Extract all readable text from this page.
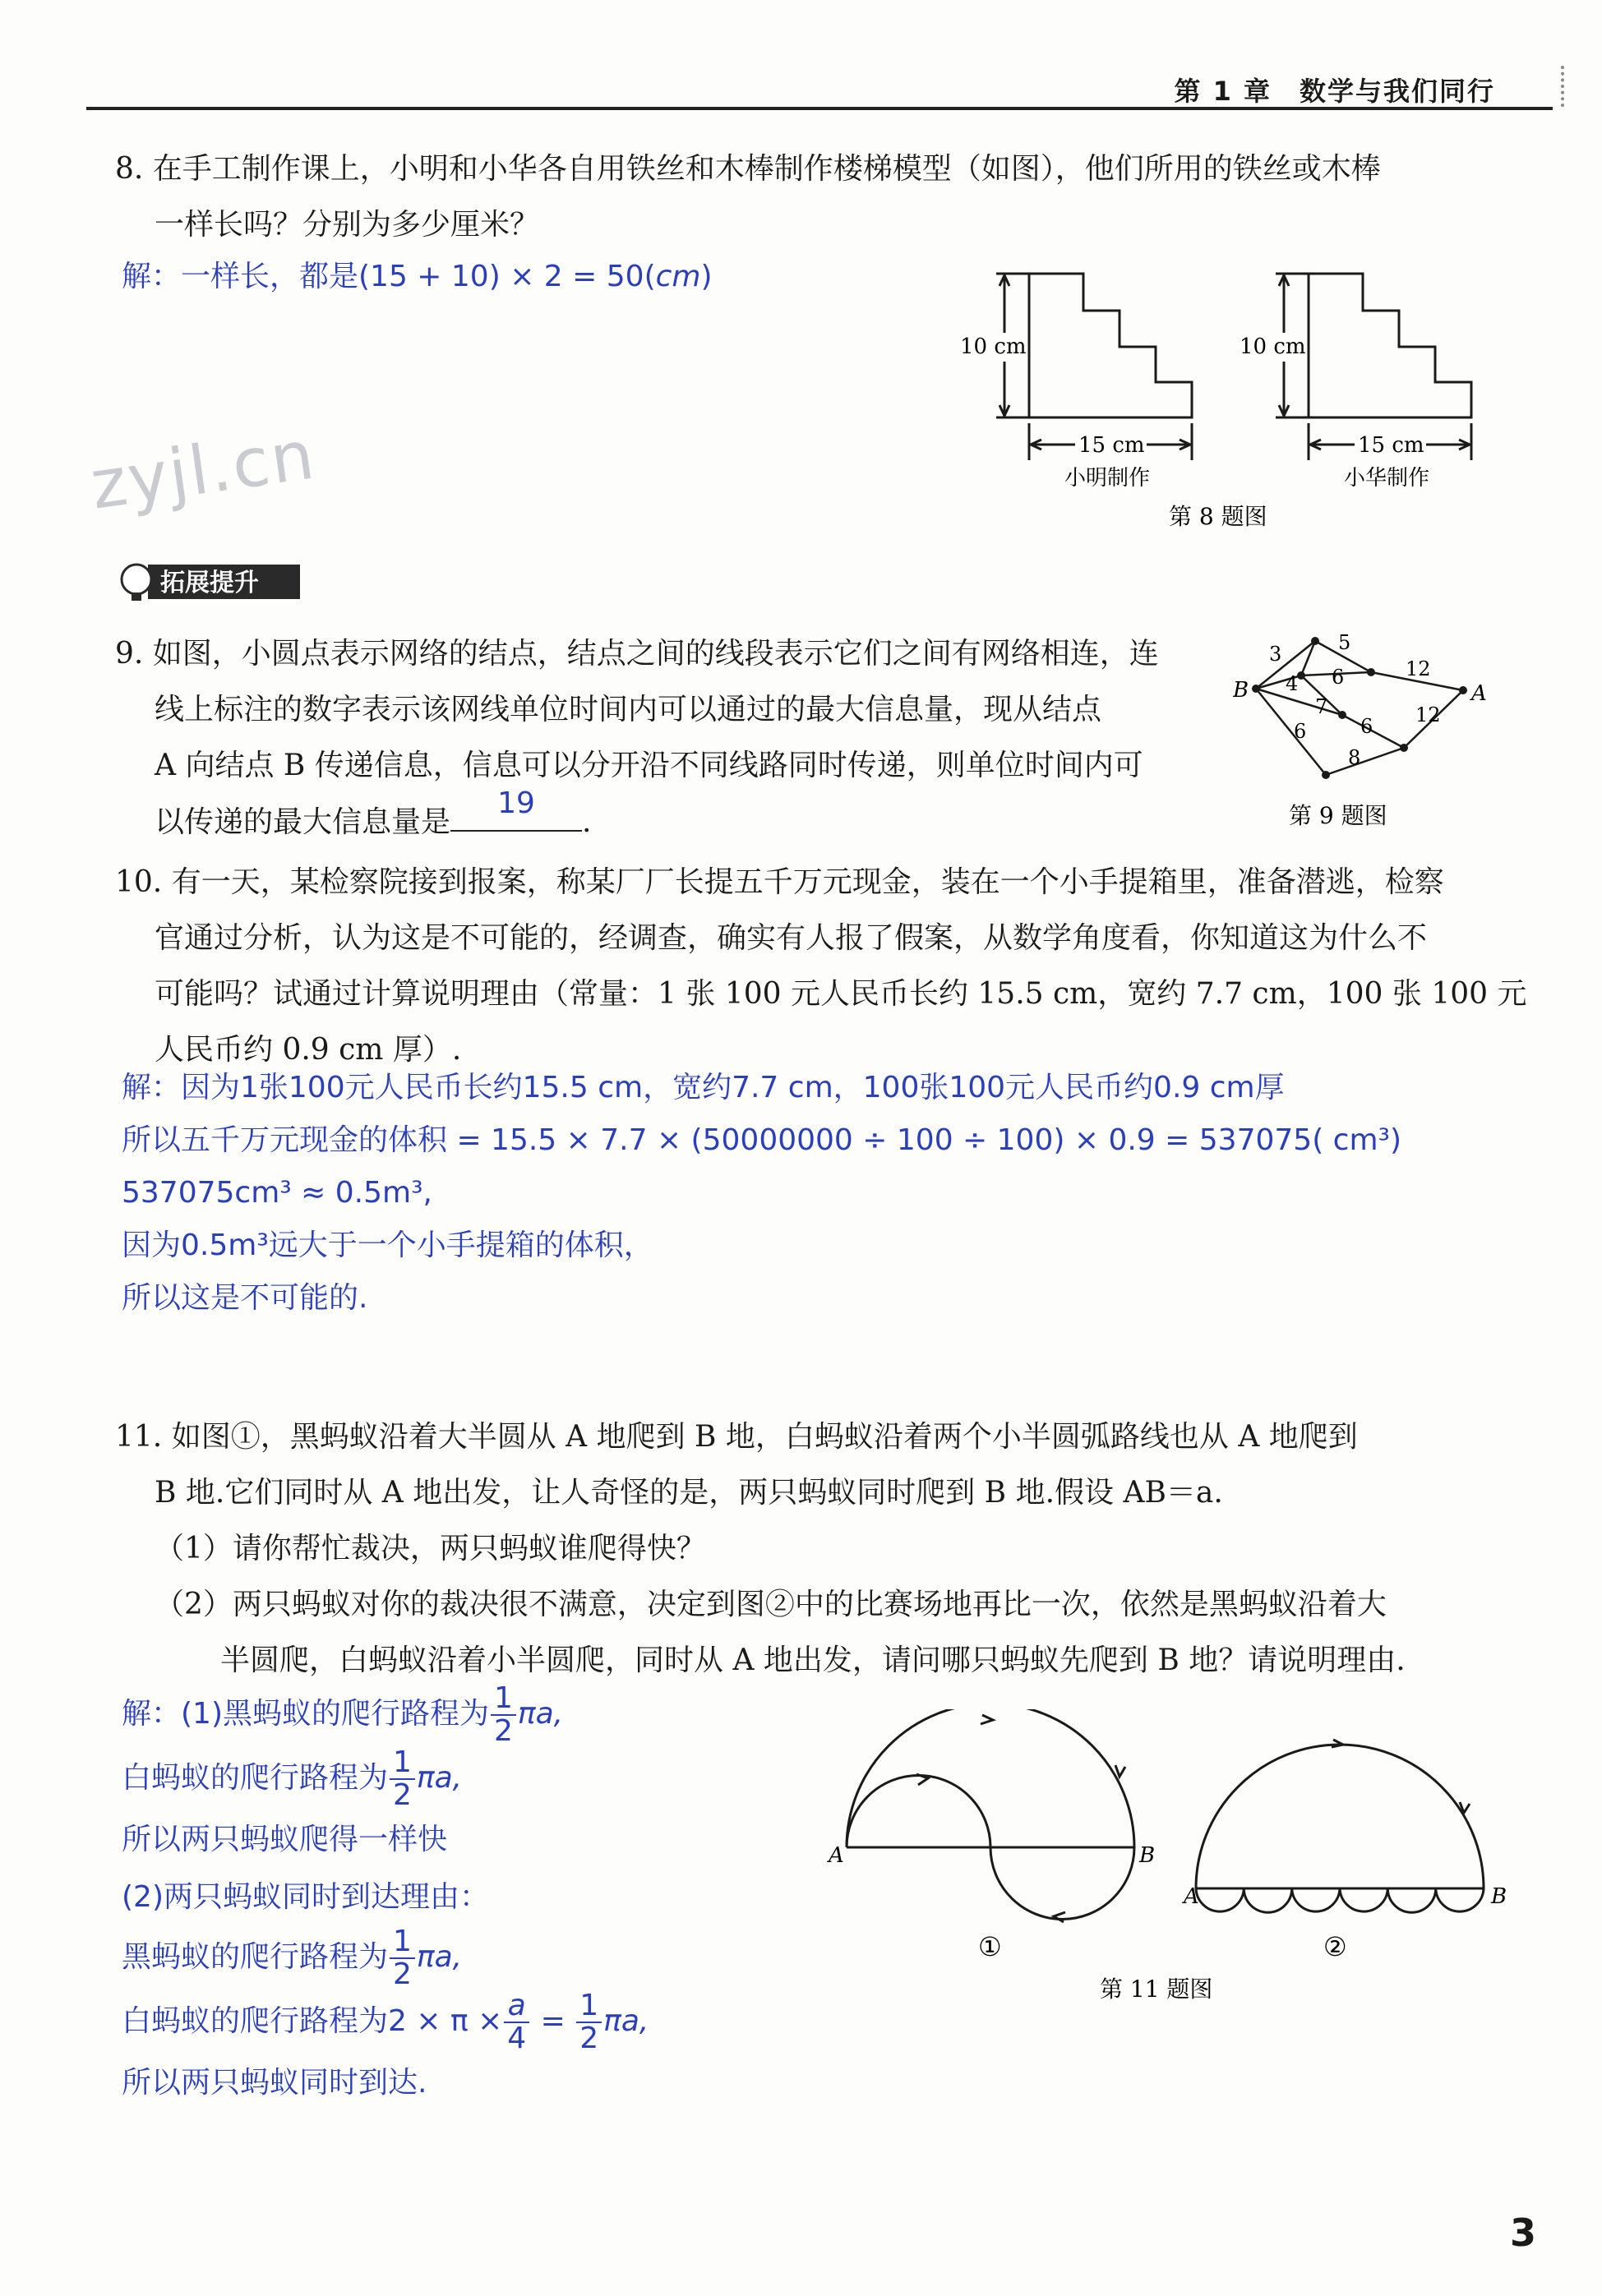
第 1 章　数学与我们同行
zyjl.cn
8. 在手工制作课上，小明和小华各自用铁丝和木棒制作楼梯模型（如图），他们所用的铁丝或木棒
一样长吗？分别为多少厘米？
解：一样长，都是(15 + 10) × 2 = 50(cm)
10 cm	10 cm
15 cm	15 cm
小明制作	小华制作
第 8 题图
拓展提升
9. 如图，小圆点表示网络的结点，结点之间的线段表示它们之间有网络相连，连
线上标注的数字表示该网线单位时间内可以通过的最大信息量，现从结点
A 向结点 B 传递信息，信息可以分开沿不同线路同时传递，则单位时间内可
以传递的最大信息量是
19
.
B	A
3	5
4 6	12
7	12
6
6
8
第 9 题图
10. 有一天，某检察院接到报案，称某厂厂长提五千万元现金，装在一个小手提箱里，准备潜逃，检察
官通过分析，认为这是不可能的，经调查，确实有人报了假案，从数学角度看，你知道这为什么不
可能吗？试通过计算说明理由（常量：1 张 100 元人民币长约 15.5 cm，宽约 7.7 cm，100 张 100 元
人民币约 0.9 cm 厚）.
解：因为1张100元人民币长约15.5 cm，宽约7.7 cm，100张100元人民币约0.9 cm厚
所以五千万元现金的体积 = 15.5 × 7.7 × (50000000 ÷ 100 ÷ 100) × 0.9 = 537075( cm³)
537075cm³ ≈ 0.5m³,
因为0.5m³远大于一个小手提箱的体积，
所以这是不可能的.
11. 如图①，黑蚂蚁沿着大半圆从 A 地爬到 B 地，白蚂蚁沿着两个小半圆弧路线也从 A 地爬到
B 地.它们同时从 A 地出发，让人奇怪的是，两只蚂蚁同时爬到 B 地.假设 AB＝a.
（1）请你帮忙裁决，两只蚂蚁谁爬得快？
（2）两只蚂蚁对你的裁决很不满意，决定到图②中的比赛场地再比一次，依然是黑蚂蚁沿着大
半圆爬，白蚂蚁沿着小半圆爬，同时从 A 地出发，请问哪只蚂蚁先爬到 B 地？请说明理由.
解：(1)黑蚂蚁的爬行路程为 $\frac{1}{2} \pi a$,
白蚂蚁的爬行路程为 $\frac{1}{2} \pi a$,
所以两只蚂蚁爬得一样快
(2)两只蚂蚁同时到达理由：
黑蚂蚁的爬行路程为 $\frac{1}{2} \pi a$,
白蚂蚁的爬行路程为$2 \times \pi \times \frac{a}{4} = \frac{1}{2} \pi a$,
所以两只蚂蚁同时到达.
A	B
A	B
①	②
第 11 题图
3
